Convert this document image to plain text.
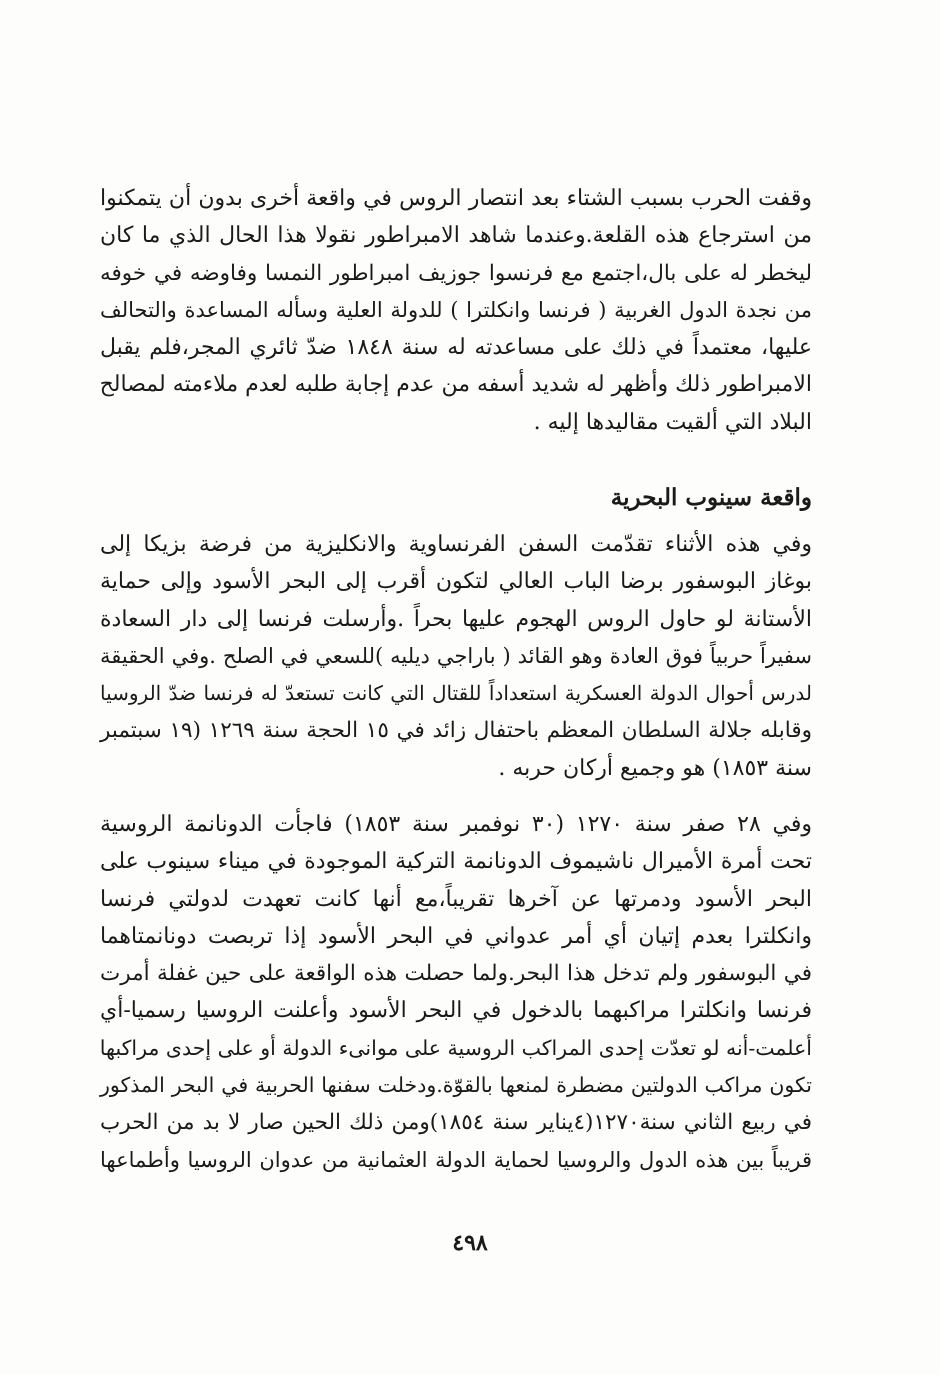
وقفت الحرب بسبب الشتاء بعد انتصار الروس في واقعة أخرى بدون أن يتمكنوا
من استرجاع هذه القلعة.وعندما شاهد الامبراطور نقولا هذا الحال الذي ما كان
ليخطر له على بال،اجتمع مع فرنسوا جوزيف امبراطور النمسا وفاوضه في خوفه
من نجدة الدول الغربية ( فرنسا وانكلترا ) للدولة العلية وسأله المساعدة والتحالف
عليها، معتمداً في ذلك على مساعدته له سنة ١٨٤٨ ضدّ ثائري المجر،فلم يقبل
الامبراطور ذلك وأظهر له شديد أسفه من عدم إجابة طلبه لعدم ملاءمته لمصالح
البلاد التي ألقيت مقاليدها إليه .
واقعة سينوب البحرية
وفي هذه الأثناء تقدّمت السفن الفرنساوية والانكليزية من فرضة بزيكا إلى
بوغاز البوسفور برضا الباب العالي لتكون أقرب إلى البحر الأسود وإلى حماية
الأستانة لو حاول الروس الهجوم عليها بحراً .وأرسلت فرنسا إلى دار السعادة
سفيراً حربياً فوق العادة وهو القائد ( باراجي ديليه )للسعي في الصلح .وفي الحقيقة
لدرس أحوال الدولة العسكرية استعداداً للقتال التي كانت تستعدّ له فرنسا ضدّ الروسيا
وقابله جلالة السلطان المعظم باحتفال زائد في ١٥ الحجة سنة ١٢٦٩ (١٩ سبتمبر
سنة ١٨٥٣) هو وجميع أركان حربه .
وفي ٢٨ صفر سنة ١٢٧٠ (٣٠ نوفمبر سنة ١٨٥٣) فاجأت الدونانمة الروسية
تحت أمرة الأميرال ناشيموف الدونانمة التركية الموجودة في ميناء سينوب على
البحر الأسود ودمرتها عن آخرها تقريباً،مع أنها كانت تعهدت لدولتي فرنسا
وانكلترا بعدم إتيان أي أمر عدواني في البحر الأسود إذا تربصت دونانمتاهما
في البوسفور ولم تدخل هذا البحر.ولما حصلت هذه الواقعة على حين غفلة أمرت
فرنسا وانكلترا مراكبهما بالدخول في البحر الأسود وأعلنت الروسيا رسميا-أي
أعلمت-أنه لو تعدّت إحدى المراكب الروسية على موانىء الدولة أو على إحدى مراكبها
تكون مراكب الدولتين مضطرة لمنعها بالقوّة.ودخلت سفنها الحربية في البحر المذكور
في ربيع الثاني سنة١٢٧٠(٤يناير سنة ١٨٥٤)ومن ذلك الحين صار لا بد من الحرب
قريباً بين هذه الدول والروسيا لحماية الدولة العثمانية من عدوان الروسيا وأطماعها
٤٩٨
